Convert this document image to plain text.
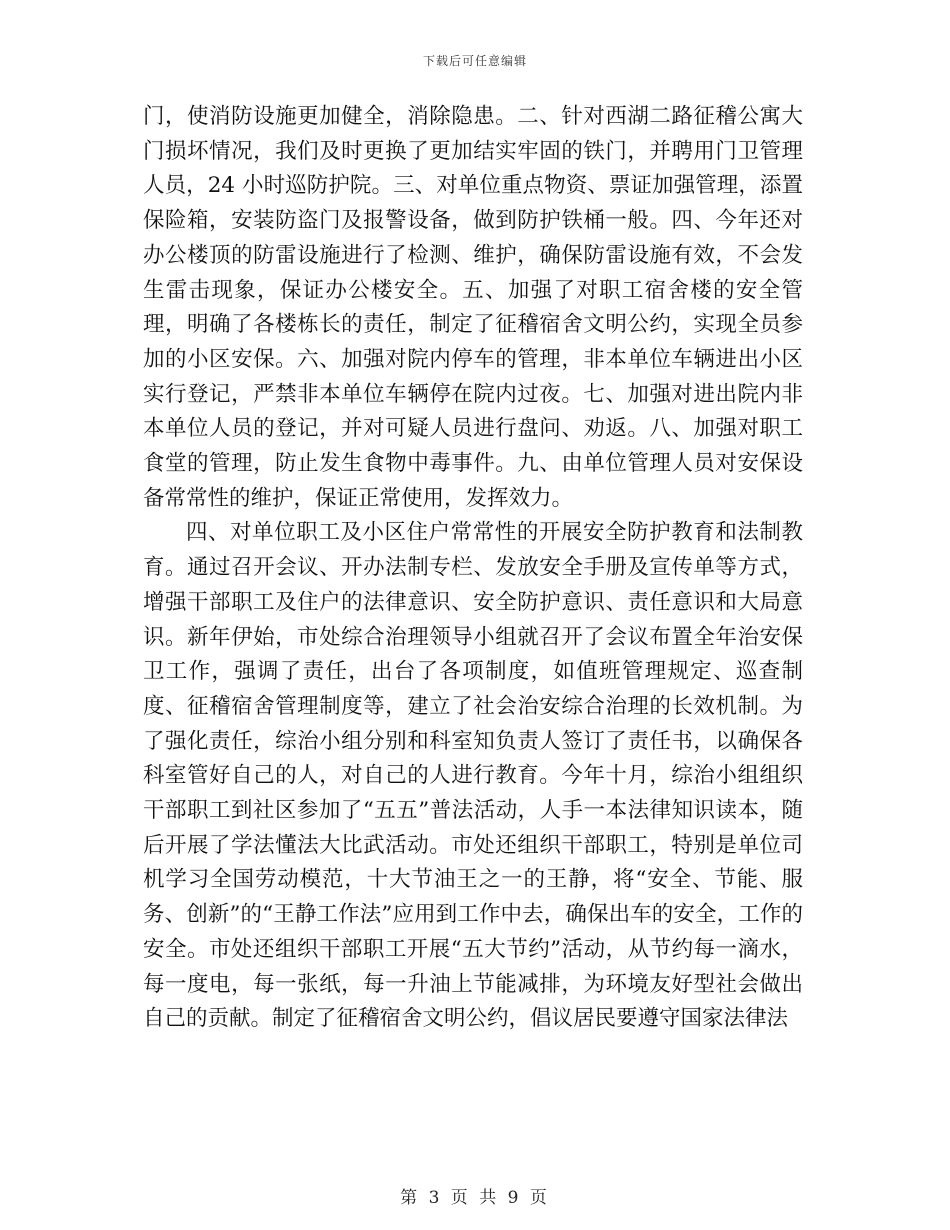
下载后可任意编辑

门，使消防设施更加健全，消除隐患。二、针对西湖二路征稽公寓大门损坏情况，我们及时更换了更加结实牢固的铁门，并聘用门卫管理人员，24 小时巡防护院。三、对单位重点物资、票证加强管理，添置保险箱，安装防盗门及报警设备，做到防护铁桶一般。四、今年还对办公楼顶的防雷设施进行了检测、维护，确保防雷设施有效，不会发生雷击现象，保证办公楼安全。五、加强了对职工宿舍楼的安全管理，明确了各楼栋长的责任，制定了征稽宿舍文明公约，实现全员参加的小区安保。六、加强对院内停车的管理，非本单位车辆进出小区实行登记，严禁非本单位车辆停在院内过夜。七、加强对进出院内非本单位人员的登记，并对可疑人员进行盘问、劝返。八、加强对职工食堂的管理，防止发生食物中毒事件。九、由单位管理人员对安保设备常常性的维护，保证正常使用，发挥效力。

四、对单位职工及小区住户常常性的开展安全防护教育和法制教育。通过召开会议、开办法制专栏、发放安全手册及宣传单等方式，增强干部职工及住户的法律意识、安全防护意识、责任意识和大局意识。新年伊始，市处综合治理领导小组就召开了会议布置全年治安保卫工作，强调了责任，出台了各项制度，如值班管理规定、巡查制度、征稽宿舍管理制度等，建立了社会治安综合治理的长效机制。为了强化责任，综治小组分别和科室知负责人签订了责任书，以确保各科室管好自己的人，对自己的人进行教育。今年十月，综治小组组织干部职工到社区参加了“五五”普法活动，人手一本法律知识读本，随后开展了学法懂法大比武活动。市处还组织干部职工，特别是单位司机学习全国劳动模范，十大节油王之一的王静，将“安全、节能、服务、创新”的“王静工作法”应用到工作中去，确保出车的安全，工作的安全。市处还组织干部职工开展“五大节约”活动，从节约每一滴水，每一度电，每一张纸，每一升油上节能减排，为环境友好型社会做出自己的贡献。制定了征稽宿舍文明公约，倡议居民要遵守国家法律法

第 3 页 共 9 页
